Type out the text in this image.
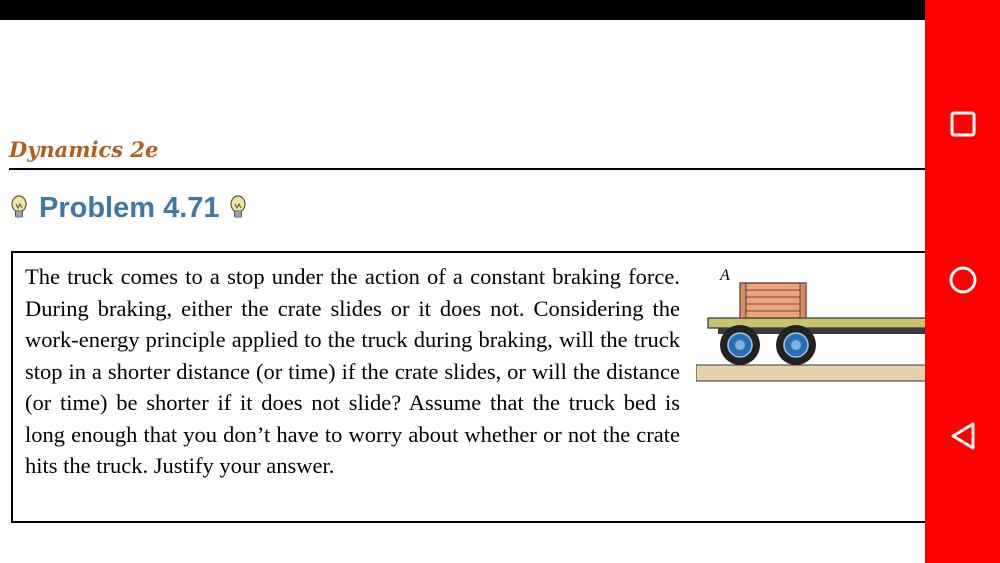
Dynamics 2e
Problem 4.71

The truck comes to a stop under the action of a constant braking force. During braking, either the crate slides or it does not. Considering the work-energy principle applied to the truck during braking, will the truck stop in a shorter distance (or time) if the crate slides, or will the distance (or time) be shorter if it does not slide? Assume that the truck bed is long enough that you don’t have to worry about whether or not the crate hits the truck. Justify your answer.

A
